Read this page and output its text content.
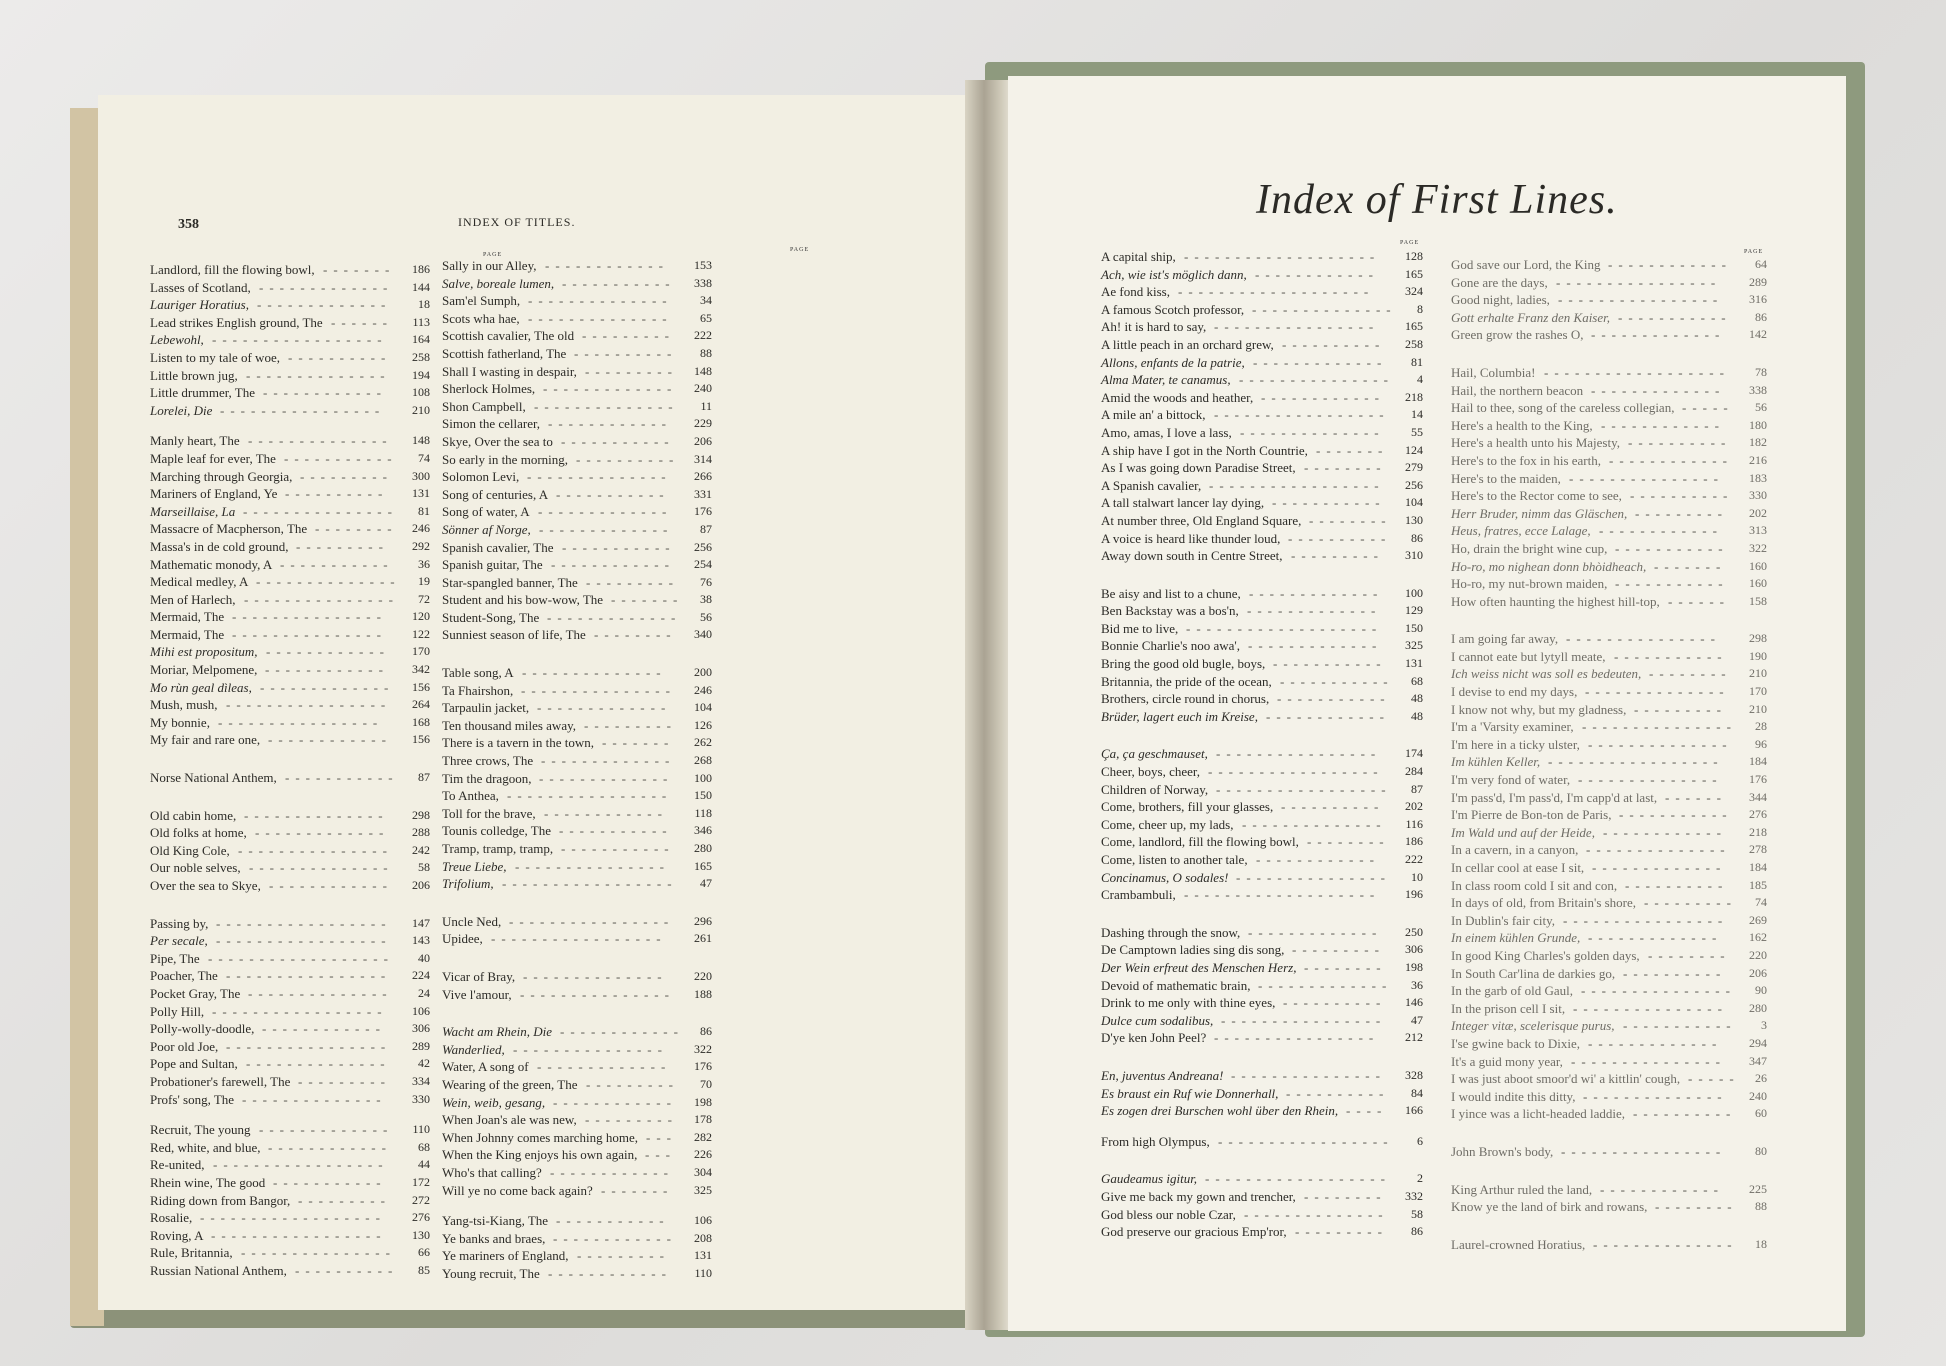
358	INDEX OF TITLES.
PAGE
PAGE
Landlord, fill the flowing bowl, ------- 186
Lasses of Scotland, ------------- 144
Lauriger Horatius, ------------- 18
Lead strikes English ground, The ------ 113
Lebewohl, ----------------- 164
Listen to my tale of woe, ---------- 258
Little brown jug, -------------- 194
Little drummer, The ------------ 108
Lorelei, Die ---------------- 210
Manly heart, The -------------- 148
Maple leaf for ever, The ----------- 74
Marching through Georgia, --------- 300
Mariners of England, Ye ---------- 131
Marseillaise, La --------------- 81
Massacre of Macpherson, The -------- 246
Massa's in de cold ground, --------- 292
Mathematic monody, A ----------- 36
Medical medley, A -------------- 19
Men of Harlech, --------------- 72
Mermaid, The --------------- 120
Mermaid, The --------------- 122
Mihi est propositum, ------------ 170
Moriar, Melpomene, ------------ 342
Mo rùn geal dìleas, ------------- 156
Mush, mush, ---------------- 264
My bonnie, ---------------- 168
My fair and rare one, ------------ 156
Norse National Anthem, ----------- 87
Old cabin home, -------------- 298
Old folks at home, ------------- 288
Old King Cole, --------------- 242
Our noble selves, -------------- 58
Over the sea to Skye, ------------ 206
Passing by, ----------------- 147
Per secale, ----------------- 143
Pipe, The ------------------ 40
Poacher, The ---------------- 224
Pocket Gray, The -------------- 24
Polly Hill, ----------------- 106
Polly-wolly-doodle, ------------ 306
Poor old Joe, ---------------- 289
Pope and Sultan, -------------- 42
Probationer's farewell, The --------- 334
Profs' song, The -------------- 330
Recruit, The young ------------- 110
Red, white, and blue, ------------ 68
Re-united, ----------------- 44
Rhein wine, The good ----------- 172
Riding down from Bangor, --------- 272
Rosalie, ------------------ 276
Roving, A ----------------- 130
Rule, Britannia, --------------- 66
Russian National Anthem, ---------- 85
Sally in our Alley, ------------ 153
Salve, boreale lumen, ----------- 338
Sam'el Sumph, -------------- 34
Scots wha hae, -------------- 65
Scottish cavalier, The old --------- 222
Scottish fatherland, The ---------- 88
Shall I wasting in despair, --------- 148
Sherlock Holmes, ------------- 240
Shon Campbell, -------------- 11
Simon the cellarer, ------------ 229
Skye, Over the sea to ----------- 206
So early in the morning, ---------- 314
Solomon Levi, -------------- 266
Song of centuries, A ----------- 331
Song of water, A ------------- 176
Sönner af Norge, ------------- 87
Spanish cavalier, The ----------- 256
Spanish guitar, The ------------ 254
Star-spangled banner, The --------- 76
Student and his bow-wow, The ------- 38
Student-Song, The ------------- 56
Sunniest season of life, The -------- 340
Table song, A -------------- 200
Ta Fhairshon, --------------- 246
Tarpaulin jacket, ------------- 104
Ten thousand miles away, --------- 126
There is a tavern in the town, ------- 262
Three crows, The ------------- 268
Tim the dragoon, ------------- 100
To Anthea, ---------------- 150
Toll for the brave, ------------ 118
Tounis colledge, The ----------- 346
Tramp, tramp, tramp, ----------- 280
Treue Liebe, --------------- 165
Trifolium, ----------------- 47
Uncle Ned, ---------------- 296
Upidee, ----------------- 261
Vicar of Bray, -------------- 220
Vive l'amour, --------------- 188
Wacht am Rhein, Die ------------ 86
Wanderlied, --------------- 322
Water, A song of ------------- 176
Wearing of the green, The --------- 70
Wein, weib, gesang, ------------ 198
When Joan's ale was new, --------- 178
When Johnny comes marching home, --- 282
When the King enjoys his own again, --- 226
Who's that calling? ------------ 304
Will ye no come back again? ------- 325
Yang-tsi-Kiang, The ----------- 106
Ye banks and braes, ------------ 208
Ye mariners of England, --------- 131
Young recruit, The ------------ 110
Index of First Lines.
PAGE
PAGE
A capital ship, ------------------- 128
Ach, wie ist's möglich dann, ------------ 165
Ae fond kiss, -------------------	324
A famous Scotch professor, -------------- 8
Ah! it is hard to say, ---------------- 165
A little peach in an orchard grew, ---------- 258
Allons, enfants de la patrie, ------------- 81
Alma Mater, te canamus, --------------- 4
Amid the woods and heather, ------------ 218
A mile an' a bittock, ----------------- 14
Amo, amas, I love a lass, -------------- 55
A ship have I got in the North Countrie, ------- 124
As I was going down Paradise Street, -------- 279
A Spanish cavalier, ----------------- 256
A tall stalwart lancer lay dying, ----------- 104
At number three, Old England Square, -------- 130
A voice is heard like thunder loud, ---------- 86
Away down south in Centre Street, --------- 310
Be aisy and list to a chune, ------------- 100
Ben Backstay was a bos'n, ------------- 129
Bid me to live, ------------------- 150
Bonnie Charlie's noo awa', ------------- 325
Bring the good old bugle, boys, ----------- 131
Britannia, the pride of the ocean, ----------- 68
Brothers, circle round in chorus, ----------- 48
Brüder, lagert euch im Kreise, ------------ 48
Ça, ça geschmauset, ---------------- 174
Cheer, boys, cheer, ----------------- 284
Children of Norway, ----------------- 87
Come, brothers, fill your glasses, ---------- 202
Come, cheer up, my lads, -------------- 116
Come, landlord, fill the flowing bowl, -------- 186
Come, listen to another tale, ------------ 222
Concinamus, O sodales! --------------- 10
Crambambuli, ------------------- 196
Dashing through the snow, ------------- 250
De Camptown ladies sing dis song, --------- 306
Der Wein erfreut des Menschen Herz, -------- 198
Devoid of mathematic brain, ------------- 36
Drink to me only with thine eyes, ---------- 146
Dulce cum sodalibus, ---------------- 47
D'ye ken John Peel? ---------------- 212
En, juventus Andreana! --------------- 328
Es braust ein Ruf wie Donnerhall, ---------- 84
Es zogen drei Burschen wohl über den Rhein, ---- 166
From high Olympus, ----------------- 6
Gaudeamus igitur, ------------------ 2
Give me back my gown and trencher, -------- 332
God bless our noble Czar, -------------- 58
God preserve our gracious Emp'ror, --------- 86
God save our Lord, the King ------------ 64
Gone are the days, ---------------- 289
Good night, ladies, ---------------- 316
Gott erhalte Franz den Kaiser, ----------- 86
Green grow the rashes O, ------------- 142
Hail, Columbia! ------------------ 78
Hail, the northern beacon ------------- 338
Hail to thee, song of the careless collegian, ----- 56
Here's a health to the King, ------------ 180
Here's a health unto his Majesty, ---------- 182
Here's to the fox in his earth, ------------ 216
Here's to the maiden, --------------- 183
Here's to the Rector come to see, ---------- 330
Herr Bruder, nimm das Gläschen, --------- 202
Heus, fratres, ecce Lalage, ------------ 313
Ho, drain the bright wine cup, ----------- 322
Ho-ro, mo nighean donn bhòidheach, ------- 160
Ho-ro, my nut-brown maiden, ----------- 160
How often haunting the highest hill-top, ------ 158
I am going far away, --------------- 298
I cannot eate but lytyll meate, ----------- 190
Ich weiss nicht was soll es bedeuten, -------- 210
I devise to end my days, -------------- 170
I know not why, but my gladness, --------- 210
I'm a 'Varsity examiner, --------------- 28
I'm here in a ticky ulster, -------------- 96
Im kühlen Keller, ----------------- 184
I'm very fond of water, -------------- 176
I'm pass'd, I'm pass'd, I'm capp'd at last, ------ 344
I'm Pierre de Bon-ton de Paris, ----------- 276
Im Wald und auf der Heide, ------------ 218
In a cavern, in a canyon, -------------- 278
In cellar cool at ease I sit, ------------- 184
In class room cold I sit and con, ---------- 185
In days of old, from Britain's shore, --------- 74
In Dublin's fair city, ---------------- 269
In einem kühlen Grunde, ------------- 162
In good King Charles's golden days, -------- 220
In South Car'lina de darkies go, ---------- 206
In the garb of old Gaul, --------------- 90
In the prison cell I sit, --------------- 280
Integer vitæ, scelerisque purus, ----------- 3
I'se gwine back to Dixie, ------------- 294
It's a guid mony year, --------------- 347
I was just aboot smoor'd wi' a kittlin' cough, ----- 26
I would indite this ditty, -------------- 240
I yince was a licht-headed laddie, ---------- 60
John Brown's body, ---------------- 80
King Arthur ruled the land, ------------ 225
Know ye the land of birk and rowans, -------- 88
Laurel-crowned Horatius, -------------- 18
